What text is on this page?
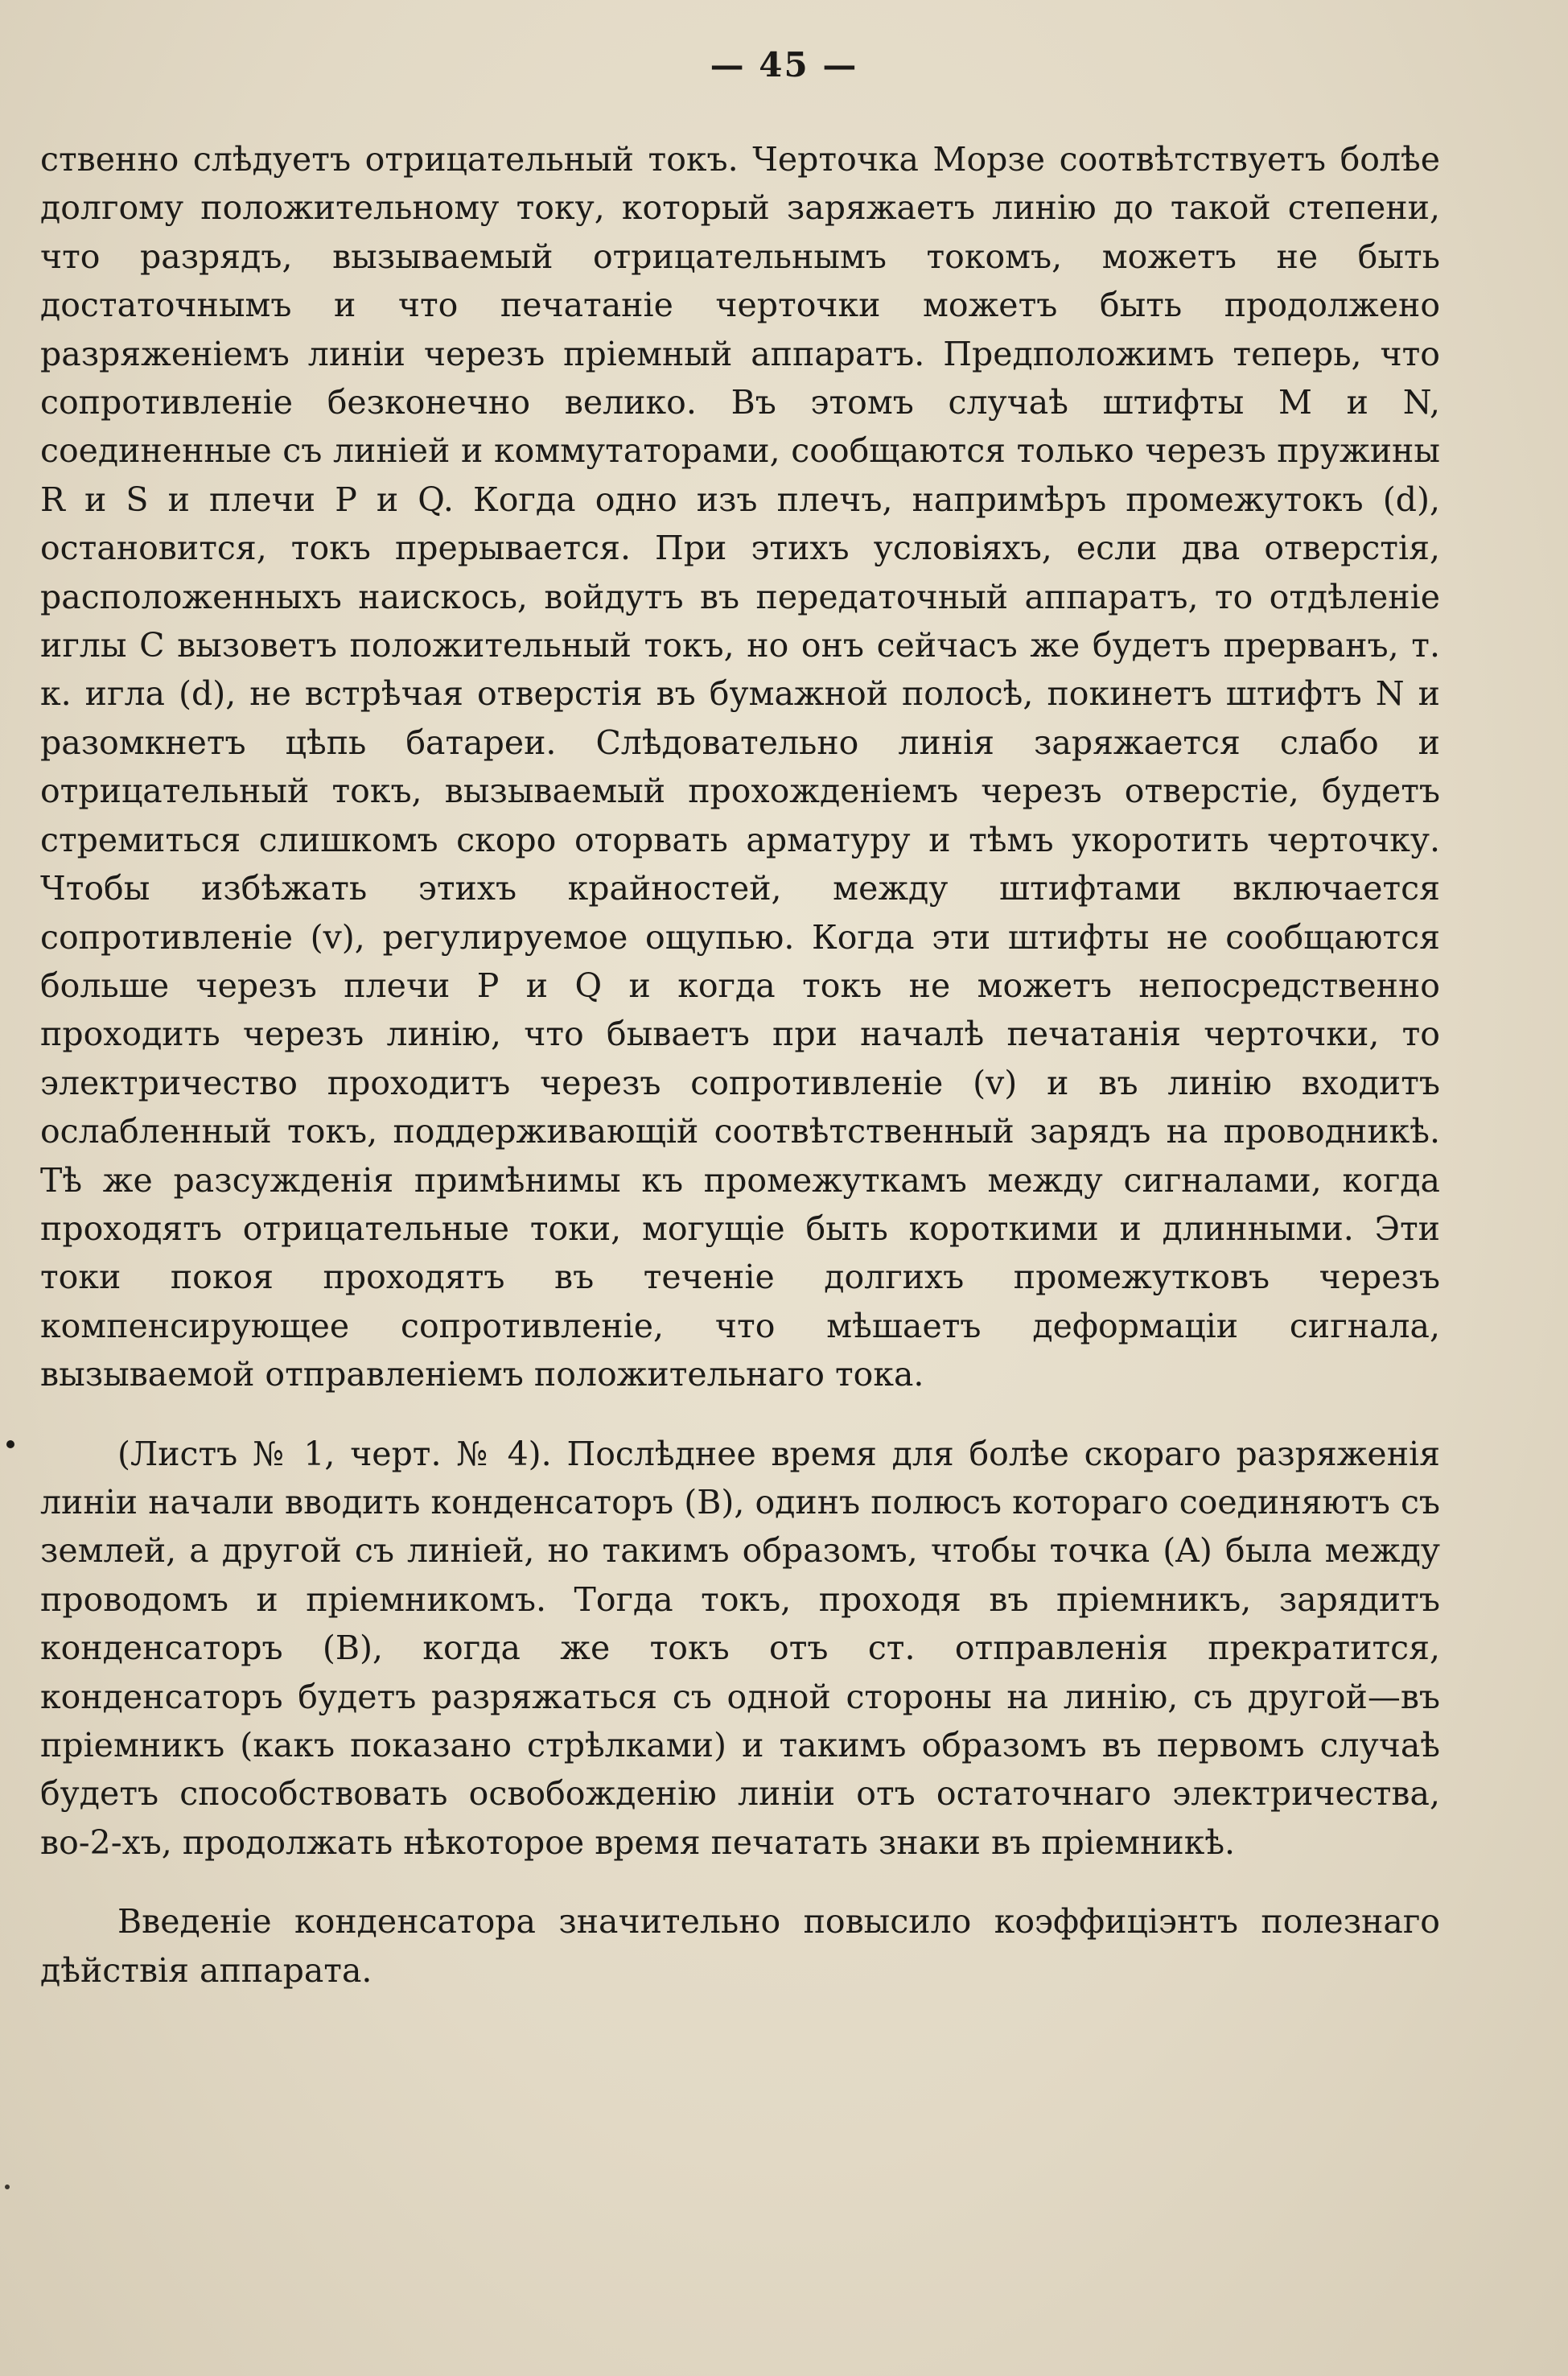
— 45 —

ственно слѣдуетъ отрицательный токъ. Черточка Морзе соотвѣтствуетъ болѣе долгому положительному току, который заряжаетъ линію до такой степени, что разрядъ, вызываемый отрицательнымъ токомъ, можетъ не быть достаточнымъ и что печатаніе черточки можетъ быть продолжено разряженіемъ линіи черезъ пріемный аппаратъ. Предположимъ теперь, что сопротивленіе безконечно велико. Въ этомъ случаѣ штифты M и N, соединенные съ линіей и коммутаторами, сообщаются только черезъ пружины R и S и плечи P и Q. Когда одно изъ плечъ, напримѣръ промежутокъ (d), остановится, токъ прерывается. При этихъ условіяхъ, если два отверстія, расположенныхъ наискось, войдутъ въ передаточный аппаратъ, то отдѣленіе иглы C вызоветъ положительный токъ, но онъ сейчасъ же будетъ прерванъ, т. к. игла (d), не встрѣчая отверстія въ бумажной полосѣ, покинетъ штифтъ N и разомкнетъ цѣпь батареи. Слѣдовательно линія заряжается слабо и отрицательный токъ, вызываемый прохожденіемъ черезъ отверстіе, будетъ стремиться слишкомъ скоро оторвать арматуру и тѣмъ укоротить черточку. Чтобы избѣжать этихъ крайностей, между штифтами включается сопротивленіе (v), регулируемое ощупью. Когда эти штифты не сообщаются больше черезъ плечи P и Q и когда токъ не можетъ непосредственно проходить черезъ линію, что бываетъ при началѣ печатанія черточки, то электричество проходитъ черезъ сопротивленіе (v) и въ линію входитъ ослабленный токъ, поддерживающій соотвѣтственный зарядъ на проводникѣ. Тѣ же разсужденія примѣнимы къ промежуткамъ между сигналами, когда проходятъ отрицательные токи, могущіе быть короткими и длинными. Эти токи покоя проходятъ въ теченіе долгихъ промежутковъ черезъ компенсирующее сопротивленіе, что мѣшаетъ деформаціи сигнала, вызываемой отправленіемъ положительнаго тока.

(Листъ № 1, черт. № 4). Послѣднее время для болѣе скораго разряженія линіи начали вводить конденсаторъ (B), одинъ полюсъ котораго соединяютъ съ землей, а другой съ линіей, но такимъ образомъ, чтобы точка (A) была между проводомъ и пріемникомъ. Тогда токъ, проходя въ пріемникъ, зарядитъ конденсаторъ (B), когда же токъ отъ ст. отправленія прекратится, конденсаторъ будетъ разряжаться съ одной стороны на линію, съ другой—въ пріемникъ (какъ показано стрѣлками) и такимъ образомъ въ первомъ случаѣ будетъ способствовать освобожденію линіи отъ остаточнаго электричества, во-2-хъ, продолжать нѣкоторое время печатать знаки въ пріемникѣ.

Введеніе конденсатора значительно повысило коэффиціэнтъ полезнаго дѣйствія аппарата.
